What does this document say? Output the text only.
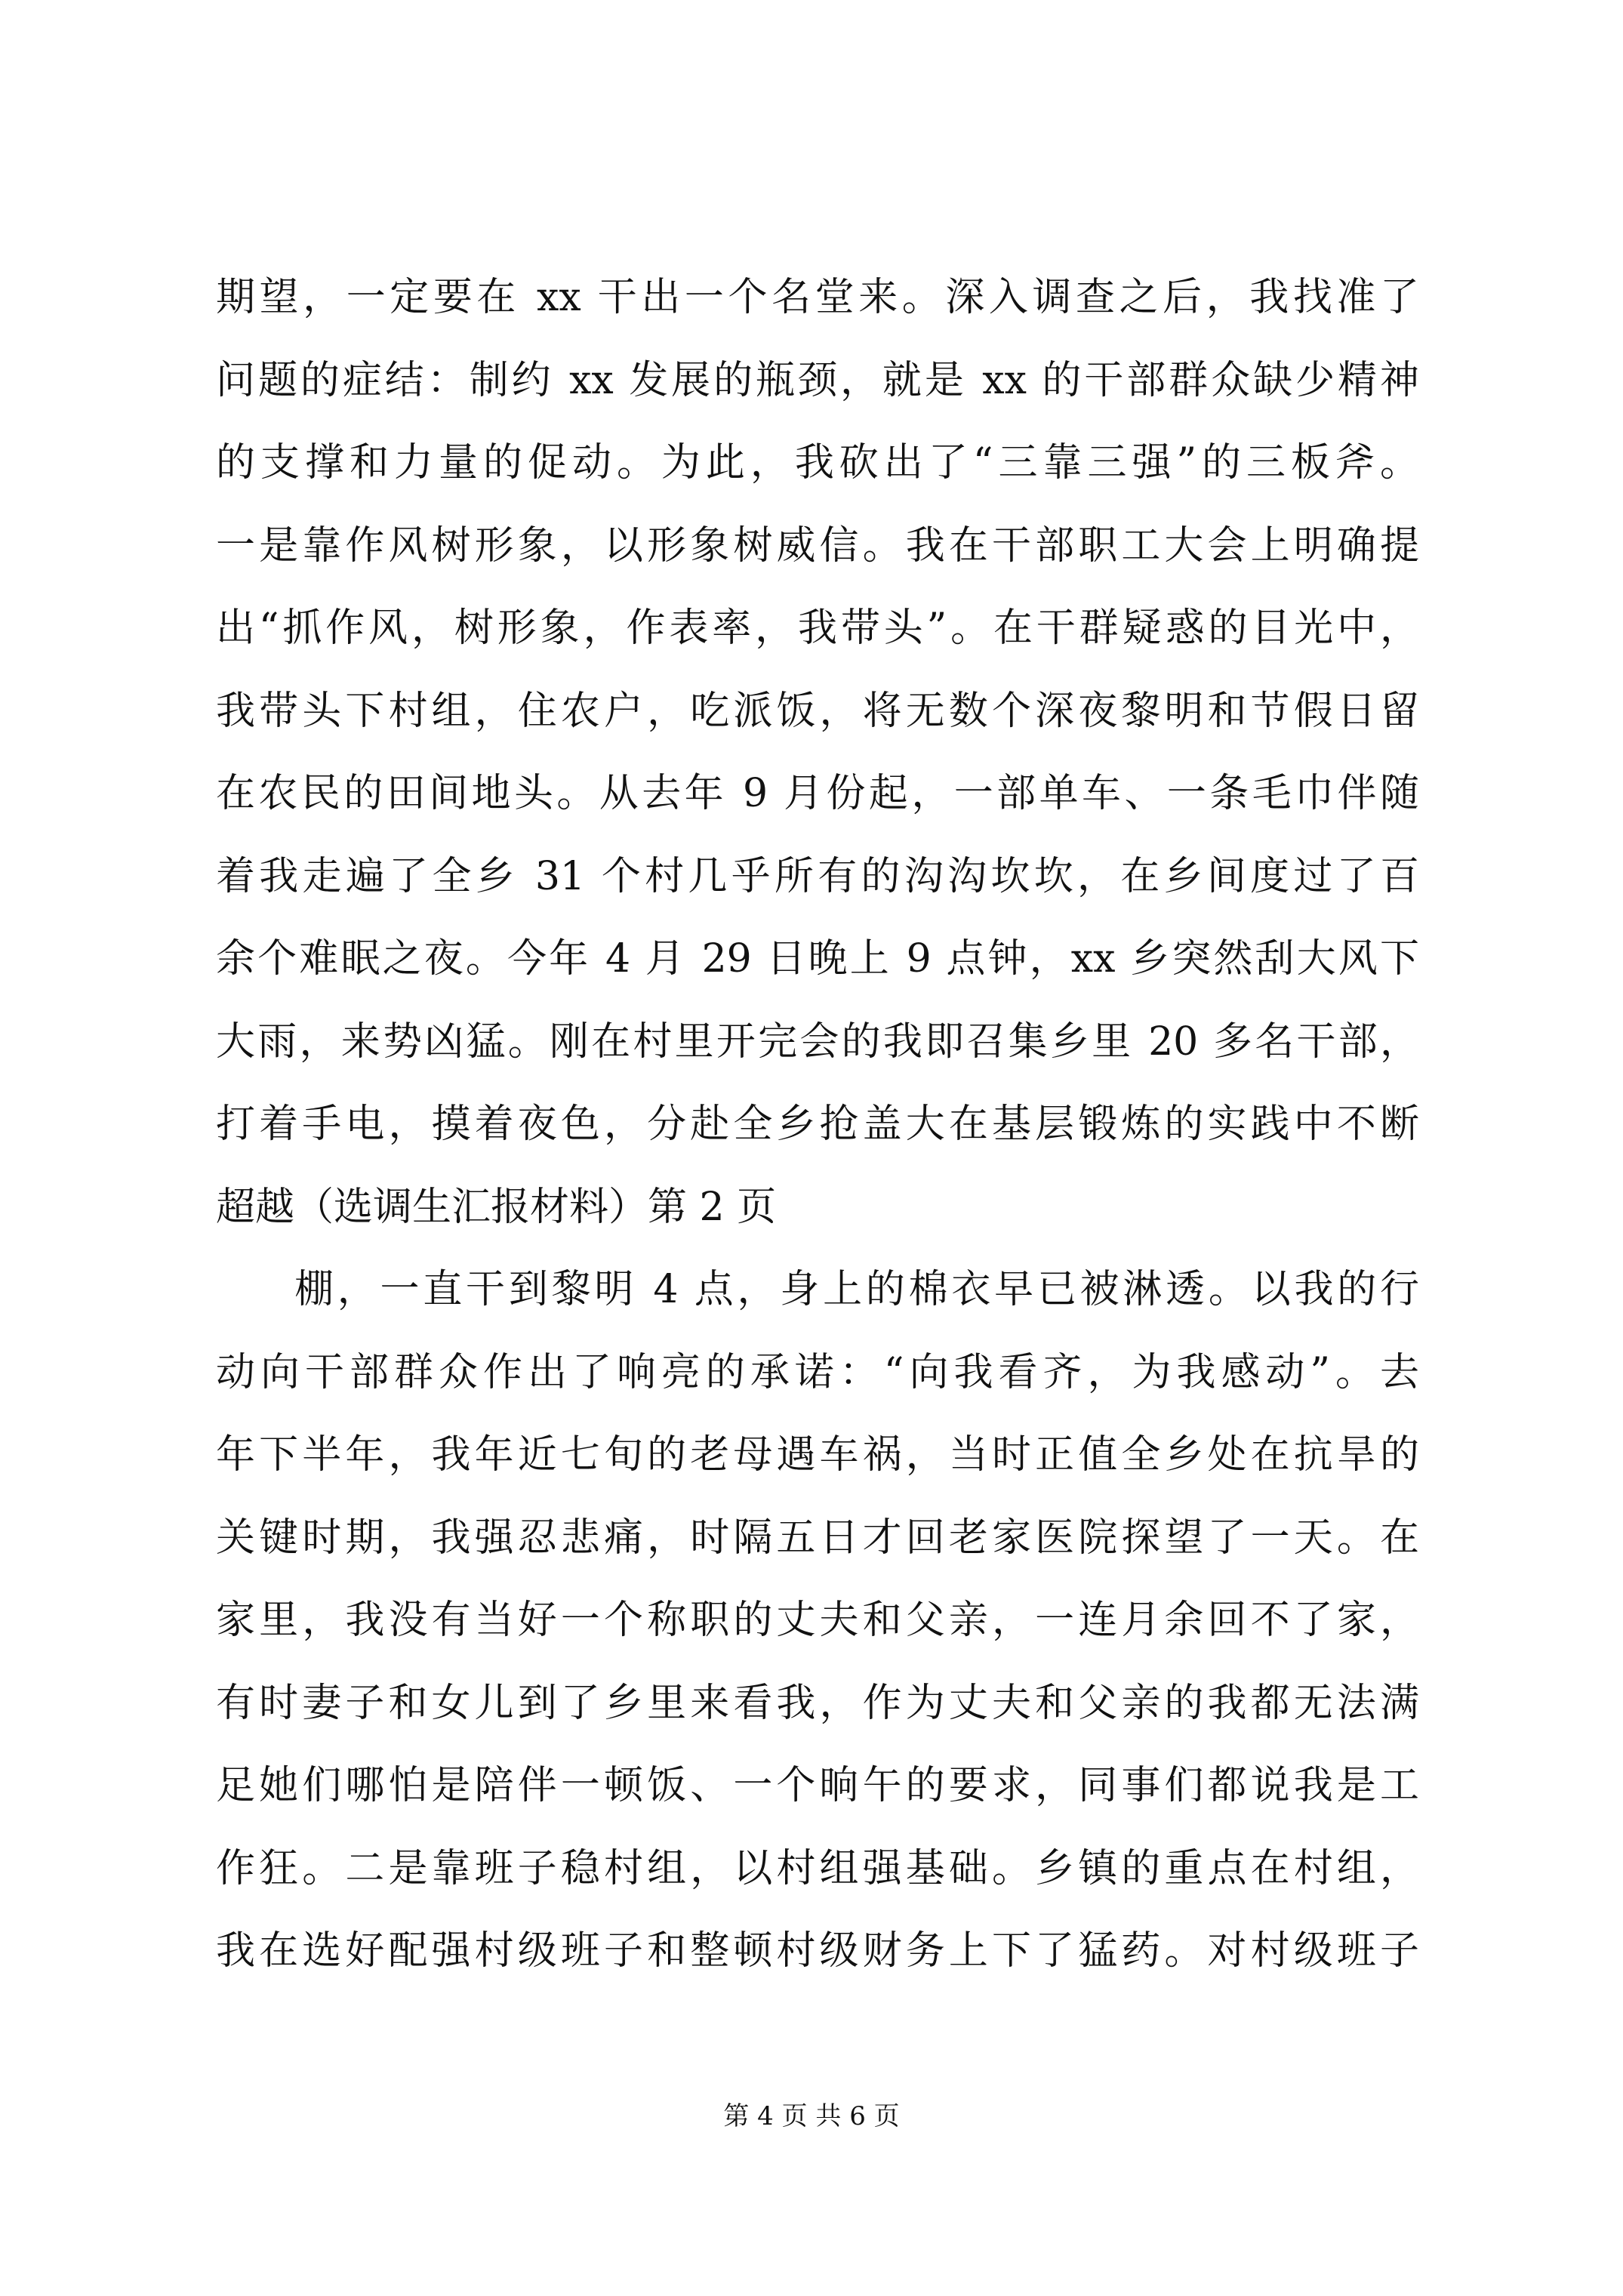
期望，一定要在 xx 干出一个名堂来。深入调查之后，我找准了
问题的症结：制约 xx 发展的瓶颈，就是 xx 的干部群众缺少精神
的支撑和力量的促动。为此，我砍出了“三靠三强”的三板斧。
一是靠作风树形象，以形象树威信。我在干部职工大会上明确提
出“抓作风，树形象，作表率，我带头”。在干群疑惑的目光中，
我带头下村组，住农户，吃派饭，将无数个深夜黎明和节假日留
在农民的田间地头。从去年 9 月份起，一部单车、一条毛巾伴随
着我走遍了全乡 31 个村几乎所有的沟沟坎坎，在乡间度过了百
余个难眠之夜。今年 4 月 29 日晚上 9 点钟，xx 乡突然刮大风下
大雨，来势凶猛。刚在村里开完会的我即召集乡里 20 多名干部，
打着手电，摸着夜色，分赴全乡抢盖大在基层锻炼的实践中不断
超越（选调生汇报材料）第 2 页
棚，一直干到黎明 4 点，身上的棉衣早已被淋透。以我的行
动向干部群众作出了响亮的承诺：“向我看齐，为我感动”。去
年下半年，我年近七旬的老母遇车祸，当时正值全乡处在抗旱的
关键时期，我强忍悲痛，时隔五日才回老家医院探望了一天。在
家里，我没有当好一个称职的丈夫和父亲，一连月余回不了家，
有时妻子和女儿到了乡里来看我，作为丈夫和父亲的我都无法满
足她们哪怕是陪伴一顿饭、一个晌午的要求，同事们都说我是工
作狂。二是靠班子稳村组，以村组强基础。乡镇的重点在村组，
我在选好配强村级班子和整顿村级财务上下了猛药。对村级班子
第 4 页 共 6 页
